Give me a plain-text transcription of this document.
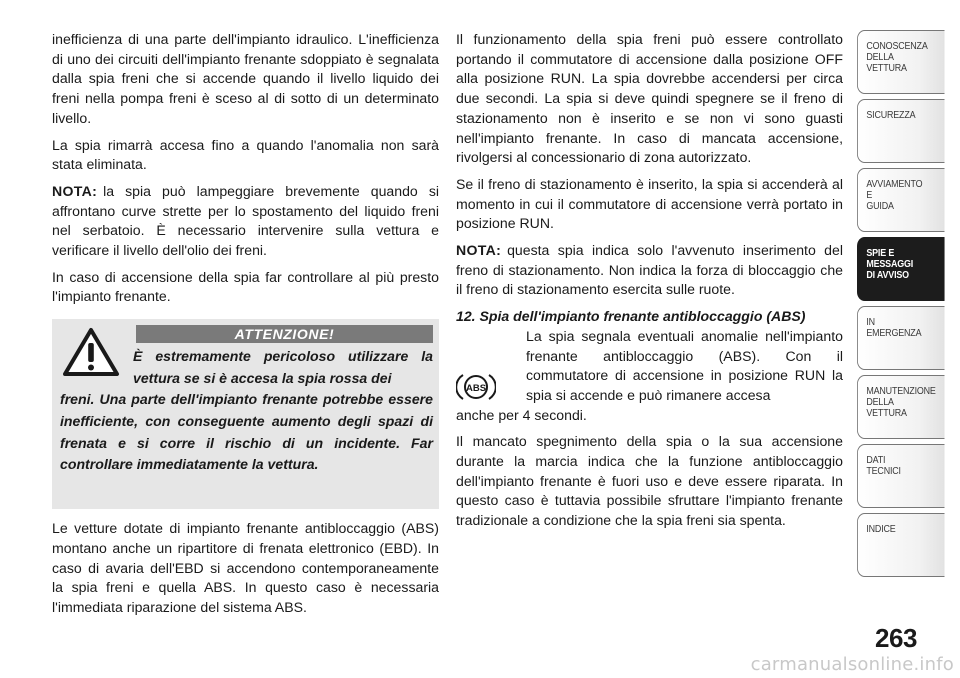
inefficienza di una parte dell'impianto idraulico. L'inefficienza di uno dei circuiti dell'impianto frenante sdoppiato è segnalata dalla spia freni che si accende quando il livello liquido dei freni nella pompa freni è sceso al di sotto di un determinato livello.

La spia rimarrà accesa fino a quando l'anomalia non sarà stata eliminata.

NOTA: la spia può lampeggiare brevemente quando si affrontano curve strette per lo spostamento del liquido freni nel serbatoio. È necessario intervenire sulla vettura e verificare il livello dell'olio dei freni.

In caso di accensione della spia far controllare al più presto l'impianto frenante.

ATTENZIONE!
È estremamente pericoloso utilizzare la vettura se si è accesa la spia rossa dei
freni. Una parte dell'impianto frenante potrebbe essere inefficiente, con conseguente aumento degli spazi di frenata e si corre il rischio di un incidente. Far controllare immediatamente la vettura.

Le vetture dotate di impianto frenante antibloccaggio (ABS) montano anche un ripartitore di frenata elettronico (EBD). In caso di avaria dell'EBD si accendono contemporaneamente la spia freni e quella ABS. In questo caso è necessaria l'immediata riparazione del sistema ABS.

Il funzionamento della spia freni può essere controllato portando il commutatore di accensione dalla posizione OFF alla posizione RUN. La spia dovrebbe accendersi per circa due secondi. La spia si deve quindi spegnere se il freno di stazionamento non è inserito e se non vi sono guasti nell'impianto frenante. In caso di mancata accensione, rivolgersi al concessionario di zona autorizzato.

Se il freno di stazionamento è inserito, la spia si accenderà al momento in cui il commutatore di accensione verrà portato in posizione RUN.

NOTA: questa spia indica solo l'avvenuto inserimento del freno di stazionamento. Non indica la forza di bloccaggio che il freno di stazionamento esercita sulle ruote.

12. Spia dell'impianto frenante antibloccaggio (ABS)

ABS

La spia segnala eventuali anomalie nell'impianto frenante antibloccaggio (ABS). Con il commutatore di accensione in posizione RUN la spia si accende e può rimanere accesa

anche per 4 secondi.

Il mancato spegnimento della spia o la sua accensione durante la marcia indica che la funzione antibloccaggio dell'impianto frenante è fuori uso e deve essere riparata. In questo caso è tuttavia possibile sfruttare l'impianto frenante tradizionale a condizione che la spia freni sia spenta.

CONOSCENZA
DELLA
VETTURA
SICUREZZA
AVVIAMENTO
E
GUIDA
SPIE E
MESSAGGI
DI AVVISO
IN
EMERGENZA
MANUTENZIONE
DELLA
VETTURA
DATI
TECNICI
INDICE
263
carmanualsonline.info
